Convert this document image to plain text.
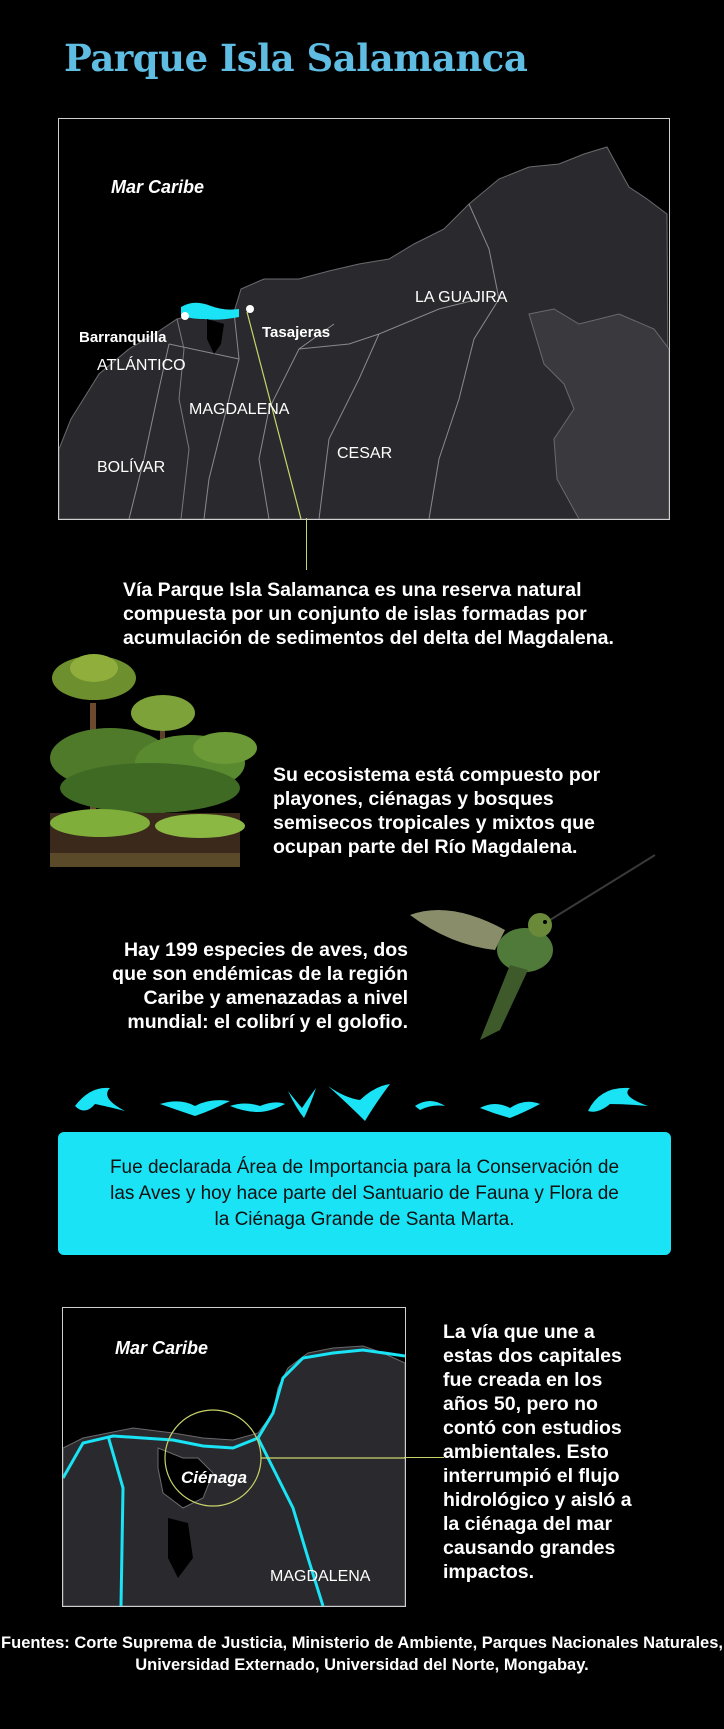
Parque Isla Salamanca
Mar Caribe
LA GUAJIRA
ATLÁNTICO
MAGDALENA
CESAR
BOLÍVAR
Barranquilla	Tasajeras
Vía Parque Isla Salamanca es una reserva natural compuesta por un conjunto de islas formadas por acumulación de sedimentos del delta del Magdalena.
Su ecosistema está compuesto por playones, ciénagas y bosques semisecos tropicales y mixtos que ocupan parte del Río Magdalena.
Hay 199 especies de aves, dos que son endémicas de la región Caribe y amenazadas a nivel mundial: el colibrí y el golofio.

Fue declarada Área de Importancia para la Conservación de las Aves y hoy hace parte del Santuario de Fauna y Flora de la Ciénaga Grande de Santa Marta.

Mar Caribe
Ciénaga
MAGDALENA
La vía que une a estas dos capitales fue creada en los años 50, pero no contó con estudios ambientales. Esto interrumpió el flujo hidrológico y aisló a la ciénaga del mar causando grandes impactos.
Fuentes: Corte Suprema de Justicia, Ministerio de Ambiente, Parques Nacionales Naturales, Universidad Externado, Universidad del Norte, Mongabay.
